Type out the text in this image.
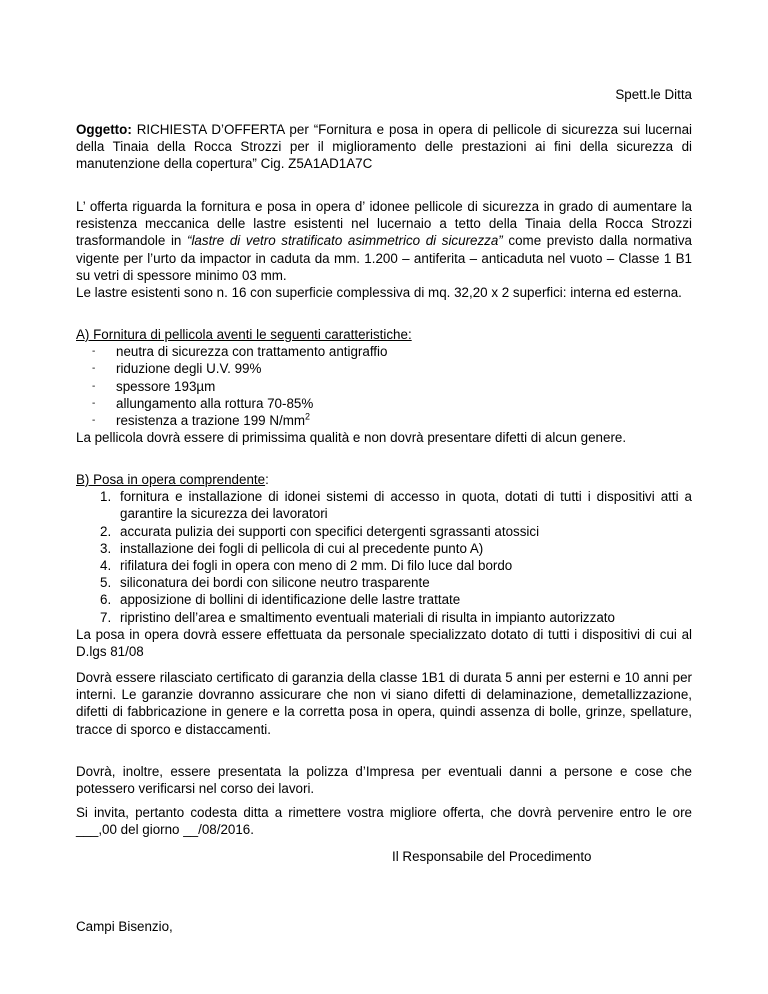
Spett.le Ditta

Oggetto: RICHIESTA D’OFFERTA per “Fornitura e posa in opera di pellicole di sicurezza sui lucernai della Tinaia della Rocca Strozzi per il miglioramento delle prestazioni ai fini della sicurezza di manutenzione della copertura” Cig. Z5A1AD1A7C

L’ offerta riguarda la fornitura e posa in opera d’ idonee pellicole di sicurezza in grado di aumentare la resistenza meccanica delle lastre esistenti nel lucernaio a tetto della Tinaia della Rocca Strozzi trasformandole in “lastre di vetro stratificato asimmetrico di sicurezza” come previsto dalla normativa vigente per l’urto da impactor in caduta da mm. 1.200 – antiferita – anticaduta nel vuoto – Classe 1 B1 su vetri di spessore minimo 03 mm.

Le lastre esistenti sono n. 16 con superficie complessiva di mq. 32,20 x 2 superfici: interna ed esterna.

A) Fornitura di pellicola aventi le seguenti caratteristiche:

- neutra di sicurezza con trattamento antigraffio
- riduzione degli U.V. 99%
- spessore 193µm
- allungamento alla rottura 70-85%
- resistenza a trazione 199 $N/mm^2$

La pellicola dovrà essere di primissima qualità e non dovrà presentare difetti di alcun genere.

B) Posa in opera comprendente:

1. fornitura e installazione di idonei sistemi di accesso in quota, dotati di tutti i dispositivi atti a garantire la sicurezza dei lavoratori
2. accurata pulizia dei supporti con specifici detergenti sgrassanti atossici
3. installazione dei fogli di pellicola di cui al precedente punto A)
4. rifilatura dei fogli in opera con meno di 2 mm. Di filo luce dal bordo
5. siliconatura dei bordi con silicone neutro trasparente
6. apposizione di bollini di identificazione delle lastre trattate
7. ripristino dell’area e smaltimento eventuali materiali di risulta in impianto autorizzato

La posa in opera dovrà essere effettuata da personale specializzato dotato di tutti i dispositivi di cui al D.lgs 81/08

Dovrà essere rilasciato certificato di garanzia della classe 1B1 di durata 5 anni per esterni e 10 anni per interni. Le garanzie dovranno assicurare che non vi siano difetti di delaminazione, demetallizzazione, difetti di fabbricazione in genere e la corretta posa in opera, quindi assenza di bolle, grinze, spellature, tracce di sporco e distaccamenti.

Dovrà, inoltre, essere presentata la polizza d’Impresa per eventuali danni a persone e cose che potessero verificarsi nel corso dei lavori.

Si invita, pertanto codesta ditta a rimettere vostra migliore offerta, che dovrà pervenire entro le ore ___,00 del giorno __/08/2016.

Il Responsabile del Procedimento
Campi Bisenzio,
